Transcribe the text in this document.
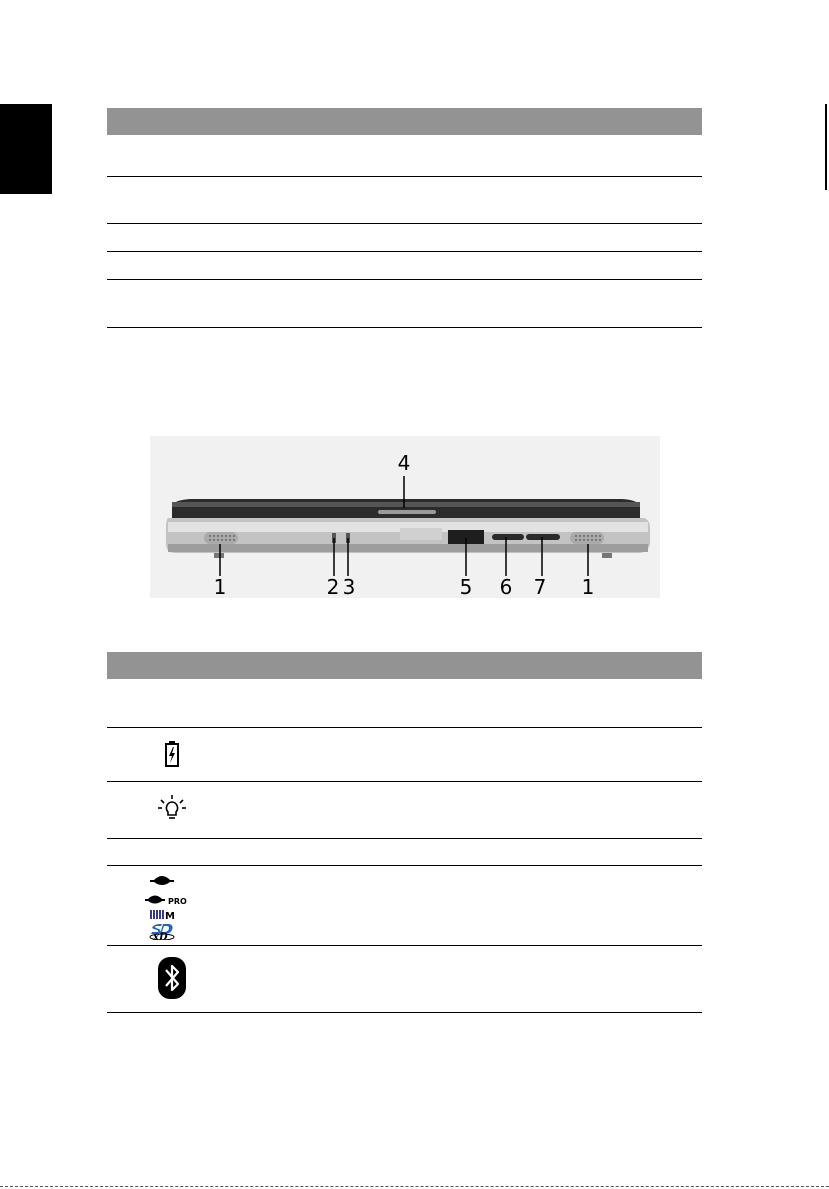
4
1	2 3	5 6 7 1

PRO
M
xD	
